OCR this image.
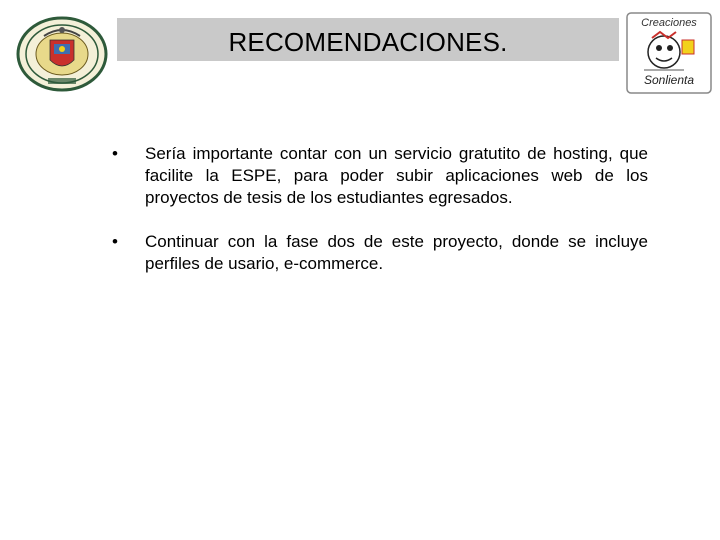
RECOMENDACIONES.
Creaciones
Sonlienta
• Sería importante contar con un servicio gratutito de hosting, que facilite la ESPE, para poder subir aplicaciones web de los proyectos de tesis de los estudiantes egresados.

• Continuar con la fase dos de este proyecto, donde se incluye perfiles de usario, e-commerce.
